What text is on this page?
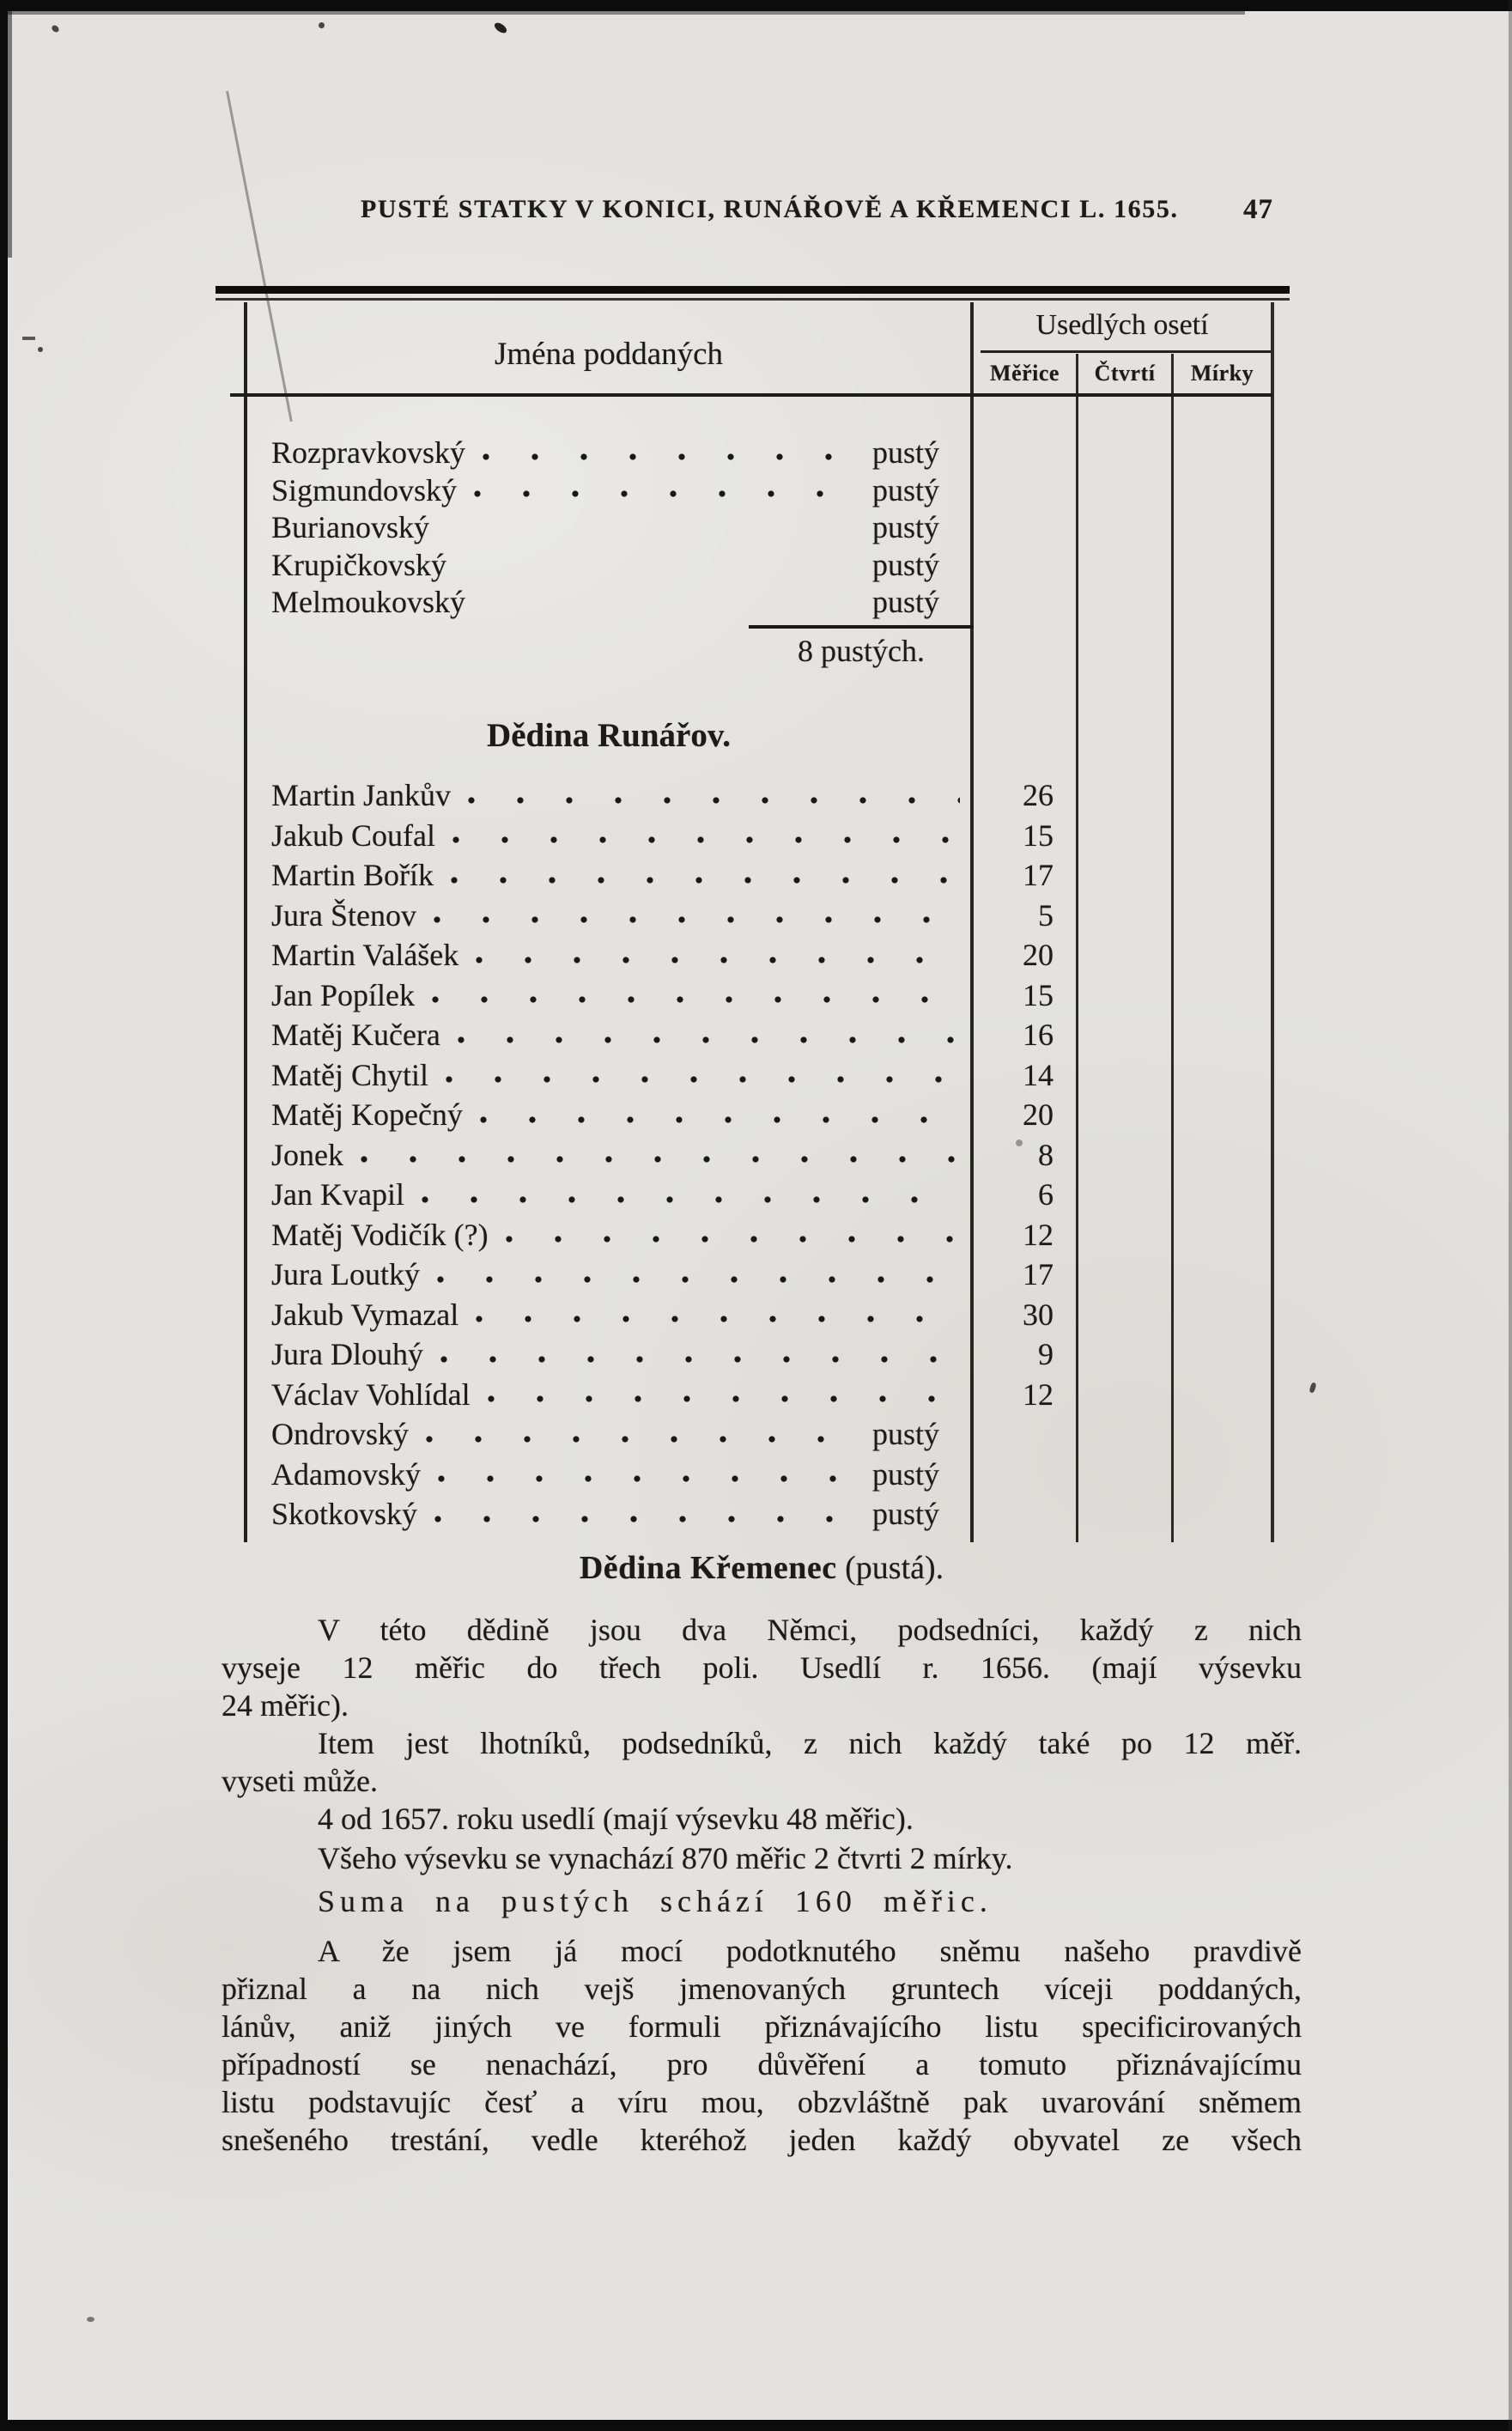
PUSTÉ STATKY V KONICI, RUNÁŘOVĚ A KŘEMENCI L. 1655. 47
Jména poddaných
Usedlých osetí
Měřice	Čtvrtí	Mírky
Rozpravkovský	pustý
Sigmundovský	pustý
Burianovský	pustý
Krupičkovský	pustý
Melmoukovský	pustý
8 pustých.
Dědina Runářov.
Martin Jankův	26
Jakub Coufal	15
Martin Bořík	17
Jura Štenov	5
Martin Valášek	20
Jan Popílek	15
Matěj Kučera	16
Matěj Chytil	14
Matěj Kopečný	20
Jonek	8
Jan Kvapil	6
Matěj Vodičík (?)	12
Jura Loutký	17
Jakub Vymazal	30
Jura Dlouhý	9
Václav Vohlídal	12
Ondrovský	pustý
Adamovský	pustý
Skotkovský	pustý
Dědina Křemenec (pustá).
V této dědině jsou dva Němci, podsedníci, každý z nich
vyseje 12 měřic do třech poli. Usedlí r. 1656. (mají výsevku
24 měřic).
Item jest lhotníků, podsedníků, z nich každý také po 12 měř.
vyseti může.
4 od 1657. roku usedlí (mají výsevku 48 měřic).
Všeho výsevku se vynachází 870 měřic 2 čtvrti 2 mírky.
Suma na pustých schází 160 měřic.
A že jsem já mocí podotknutého sněmu našeho pravdivě
přiznal a na nich vejš jmenovaných gruntech víceji poddaných,
lánův, aniž jiných ve formuli přiznávajícího listu specificirovaných
případností se nenachází, pro důvěření a tomuto přiznávajícímu
listu podstavujíc česť a víru mou, obzvláštně pak uvarování sněmem
snešeného trestání, vedle kteréhož jeden každý obyvatel ze všech
